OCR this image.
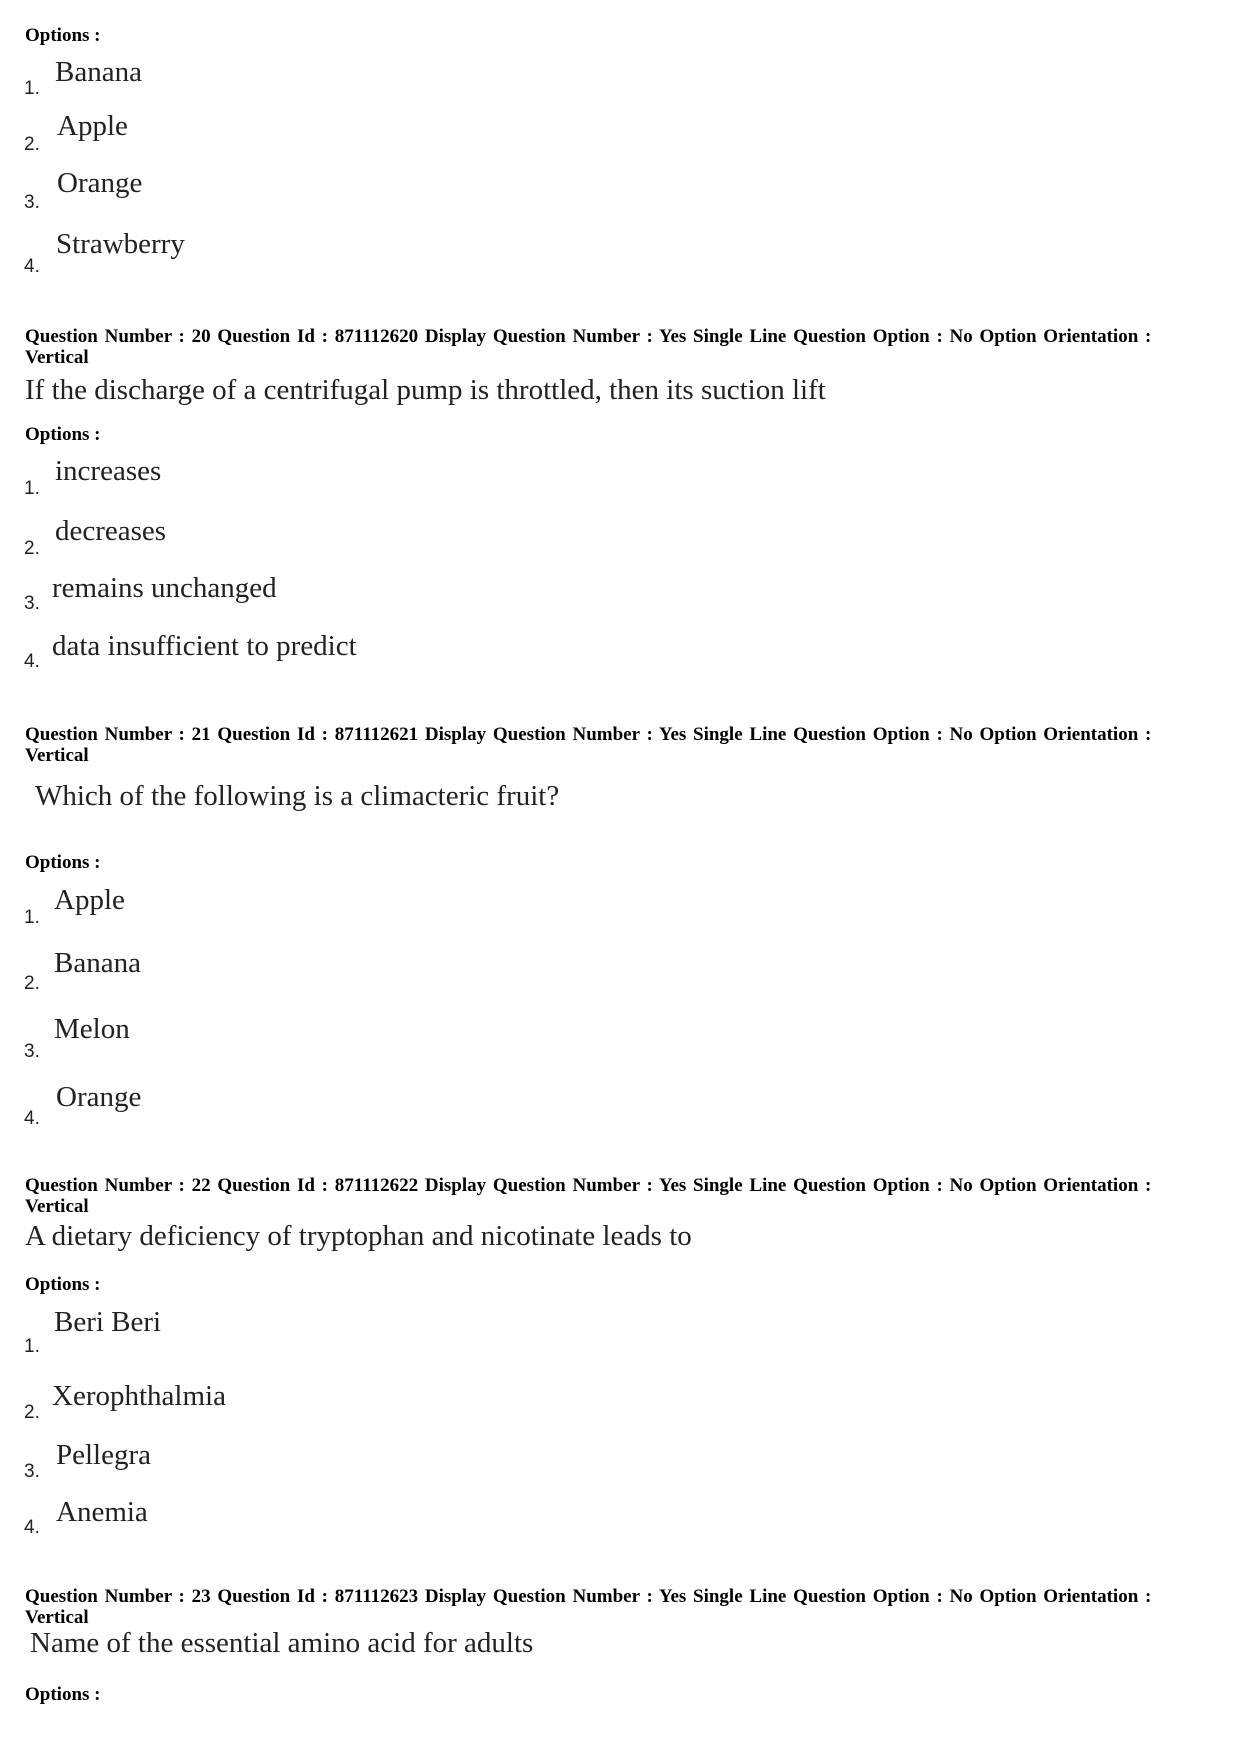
Options :
1.
Banana
2.
Apple
3.
Orange
4.
Strawberry
Question Number : 20 Question Id : 871112620 Display Question Number : Yes Single Line Question Option : No Option Orientation : Vertical
If the discharge of a centrifugal pump is throttled, then its suction lift
Options :
1.
increases
2.
decreases
3. remains unchanged
4. data insufficient to predict
Question Number : 21 Question Id : 871112621 Display Question Number : Yes Single Line Question Option : No Option Orientation : Vertical
Which of the following is a climacteric fruit?
Options :
1.
Apple
2.
Banana
3.
Melon
4.
Orange
Question Number : 22 Question Id : 871112622 Display Question Number : Yes Single Line Question Option : No Option Orientation : Vertical
A dietary deficiency of tryptophan and nicotinate leads to
Options :
1.
Beri Beri
2.
Xerophthalmia
3.
Pellegra
4. Anemia
Question Number : 23 Question Id : 871112623 Display Question Number : Yes Single Line Question Option : No Option Orientation : Vertical
Name of the essential amino acid for adults
Options :
